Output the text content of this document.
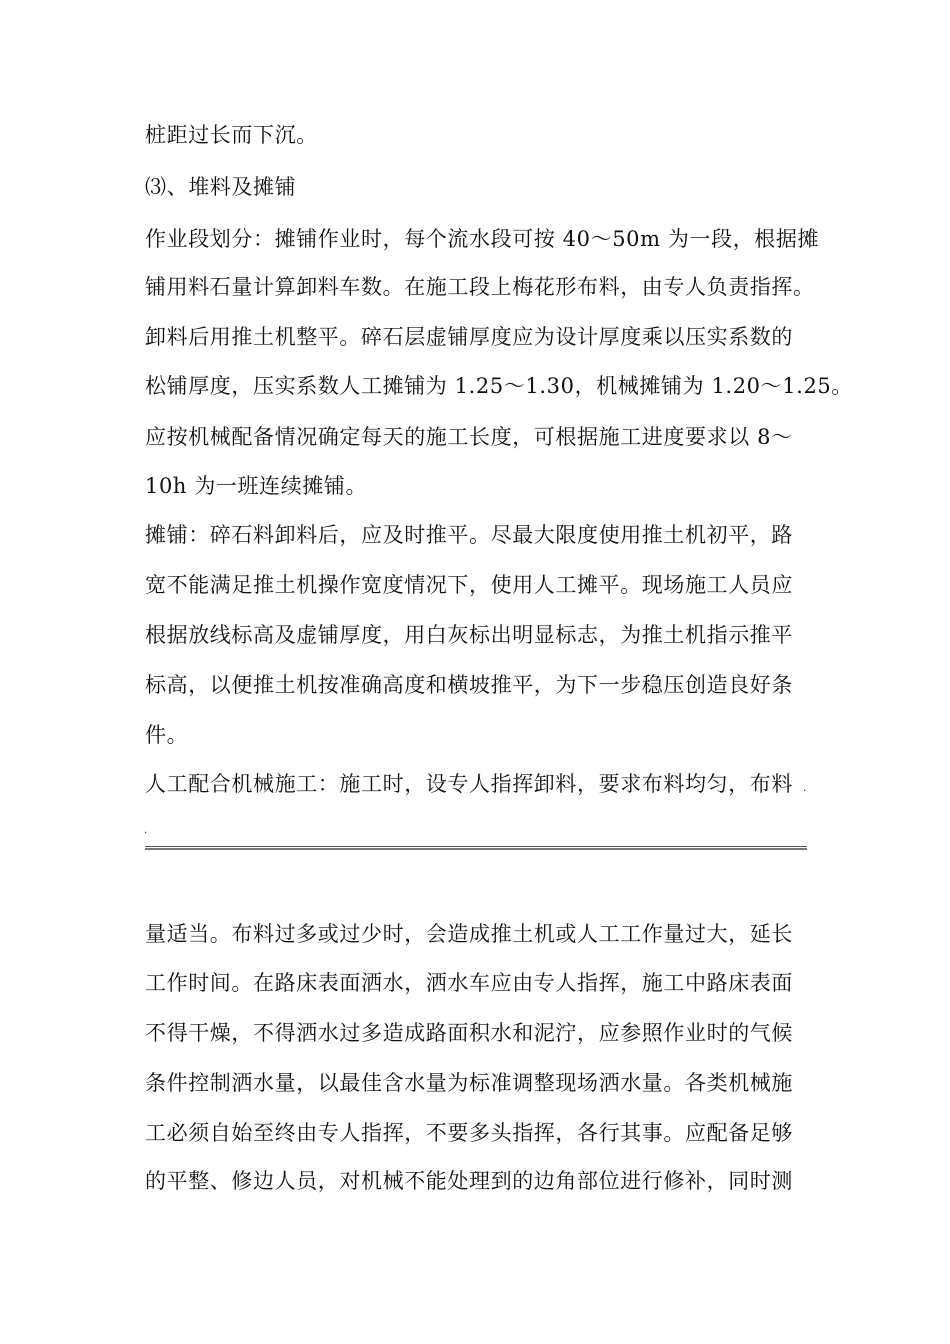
桩距过长而下沉。
⑶、堆料及摊铺
作业段划分：摊铺作业时，每个流水段可按 40～50m 为一段，根据摊
铺用料石量计算卸料车数。在施工段上梅花形布料，由专人负责指挥。
卸料后用推土机整平。碎石层虚铺厚度应为设计厚度乘以压实系数的
松铺厚度，压实系数人工摊铺为 1.25～1.30，机械摊铺为 1.20～1.25。
应按机械配备情况确定每天的施工长度，可根据施工进度要求以 8～
10h 为一班连续摊铺。
摊铺：碎石料卸料后，应及时推平。尽最大限度使用推土机初平，路
宽不能满足推土机操作宽度情况下，使用人工摊平。现场施工人员应
根据放线标高及虚铺厚度，用白灰标出明显标志，为推土机指示推平
标高，以便推土机按准确高度和横坡推平，为下一步稳压创造良好条
件。
人工配合机械施工：施工时，设专人指挥卸料，要求布料均匀，布料
.
.
量适当。布料过多或过少时，会造成推土机或人工工作量过大，延长
工作时间。在路床表面洒水，洒水车应由专人指挥，施工中路床表面
不得干燥，不得洒水过多造成路面积水和泥泞，应参照作业时的气候
条件控制洒水量，以最佳含水量为标准调整现场洒水量。各类机械施
工必须自始至终由专人指挥，不要多头指挥，各行其事。应配备足够
的平整、修边人员，对机械不能处理到的边角部位进行修补，同时测
